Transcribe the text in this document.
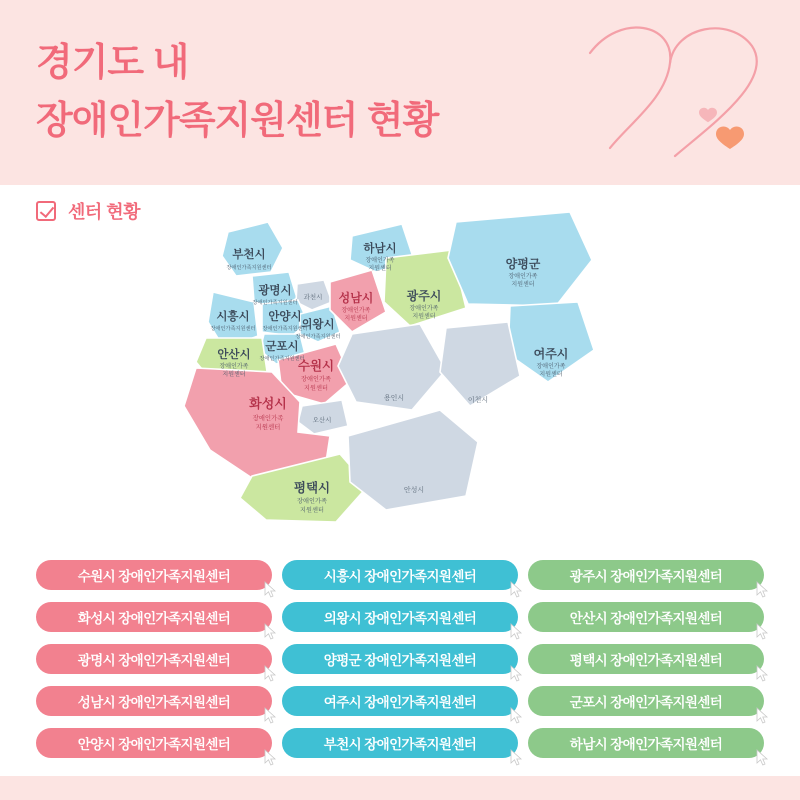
경기도 내
장애인가족지원센터 현황
센터 현황
부천시
장애인가족지원센터
광명시
장애인가족지원센터
과천시
시흥시
장애인가족지원센터
안양시
장애인가족지원센터
의왕시
장애인가족지원센터
군포시
장애인가족지원센터
안산시
장애인가족
지원센터
수원시
장애인가족
지원센터
성남시
장애인가족
지원센터
하남시
장애인가족
지원센터
광주시
장애인가족
지원센터
양평군
장애인가족
지원센터
여주시
장애인가족
지원센터
용인시	이천시
오산시
화성시
장애인가족
지원센터
평택시
장애인가족
지원센터
안성시
수원시 장애인가족지원센터	시흥시 장애인가족지원센터	광주시 장애인가족지원센터
화성시 장애인가족지원센터	의왕시 장애인가족지원센터	안산시 장애인가족지원센터
광명시 장애인가족지원센터	양평군 장애인가족지원센터	평택시 장애인가족지원센터
성남시 장애인가족지원센터	여주시 장애인가족지원센터	군포시 장애인가족지원센터
안양시 장애인가족지원센터	부천시 장애인가족지원센터	하남시 장애인가족지원센터
